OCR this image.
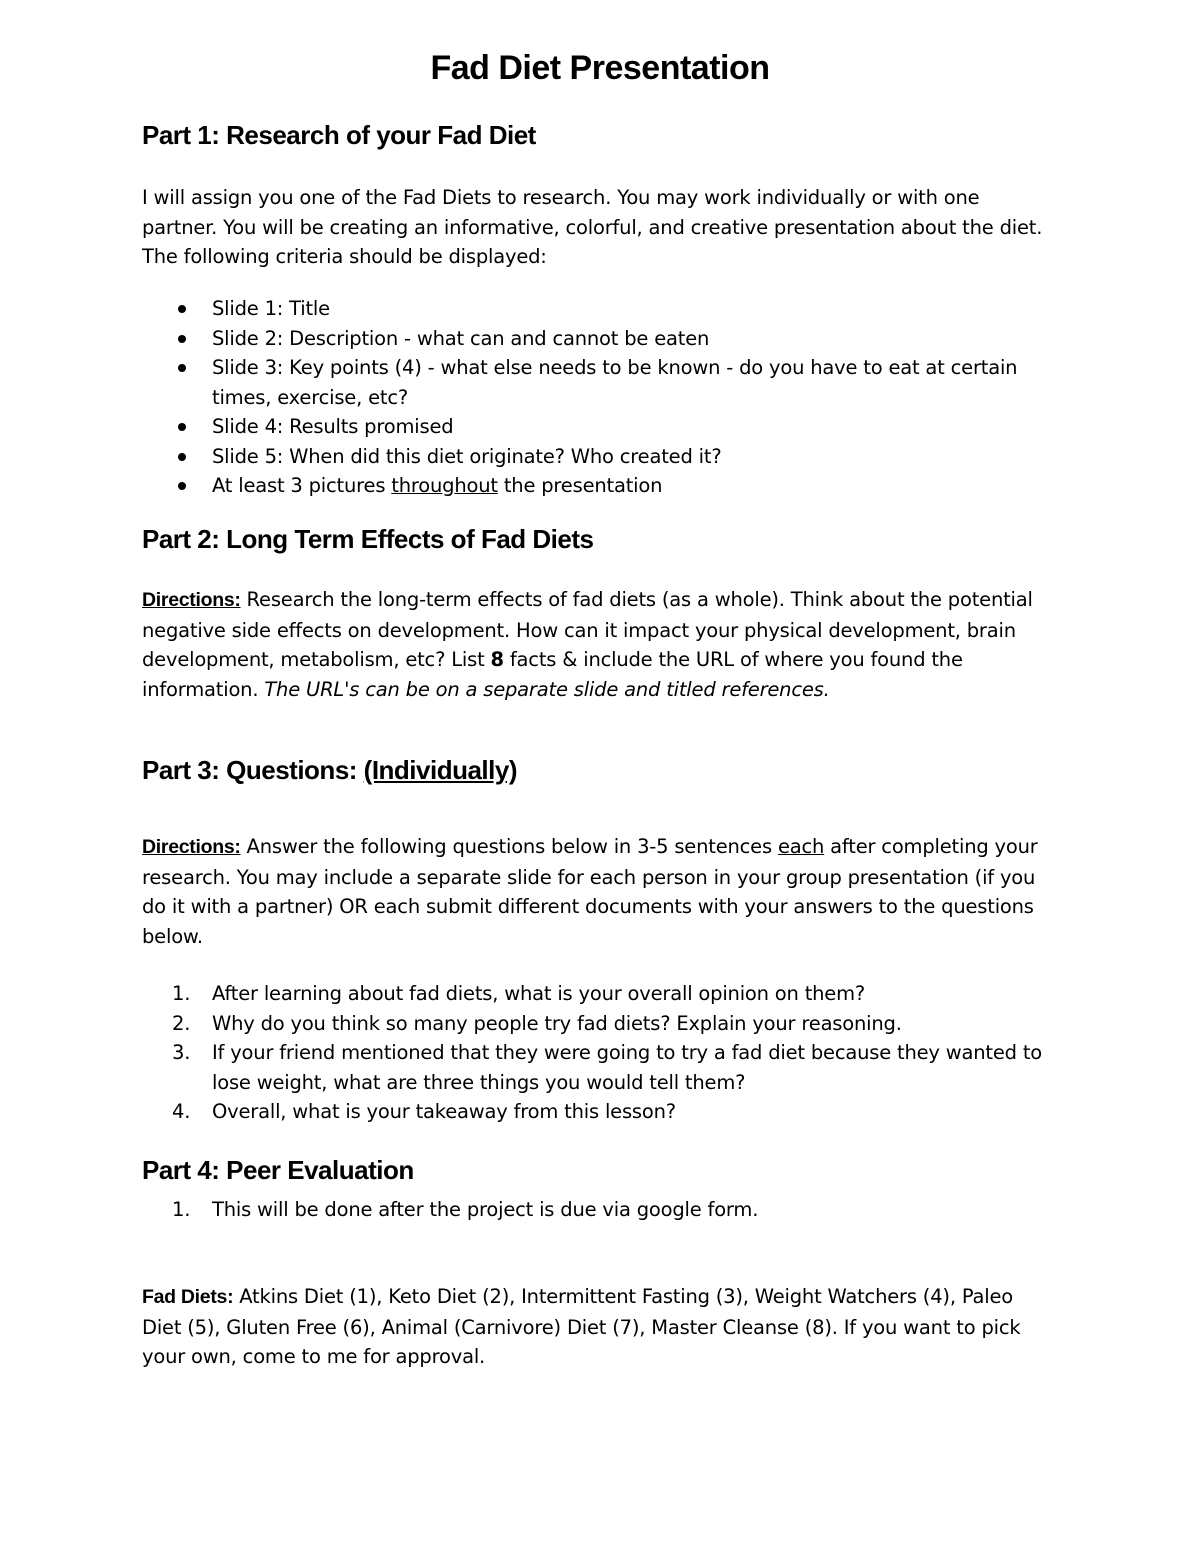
Fad Diet Presentation
Part 1: Research of your Fad Diet

I will assign you one of the Fad Diets to research. You may work individually or with one partner. You will be creating an informative, colorful, and creative presentation about the diet. The following criteria should be displayed:

Slide 1: Title
Slide 2: Description - what can and cannot be eaten
Slide 3: Key points (4) - what else needs to be known - do you have to eat at certain times, exercise, etc?
Slide 4: Results promised
Slide 5: When did this diet originate? Who created it?
At least 3 pictures throughout the presentation
Part 2: Long Term Effects of Fad Diets

Directions: Research the long-term effects of fad diets (as a whole). Think about the potential negative side effects on development. How can it impact your physical development, brain development, metabolism, etc? List 8 facts & include the URL of where you found the information. The URL's can be on a separate slide and titled references.

Part 3: Questions: (Individually)

Directions: Answer the following questions below in 3-5 sentences each after completing your research. You may include a separate slide for each person in your group presentation (if you do it with a partner) OR each submit different documents with your answers to the questions below.

1. After learning about fad diets, what is your overall opinion on them?
2. Why do you think so many people try fad diets? Explain your reasoning.
3. If your friend mentioned that they were going to try a fad diet because they wanted to lose weight, what are three things you would tell them?
4. Overall, what is your takeaway from this lesson?
Part 4: Peer Evaluation
1. This will be done after the project is due via google form.

Fad Diets: Atkins Diet (1), Keto Diet (2), Intermittent Fasting (3), Weight Watchers (4), Paleo Diet (5), Gluten Free (6), Animal (Carnivore) Diet (7), Master Cleanse (8). If you want to pick your own, come to me for approval.
